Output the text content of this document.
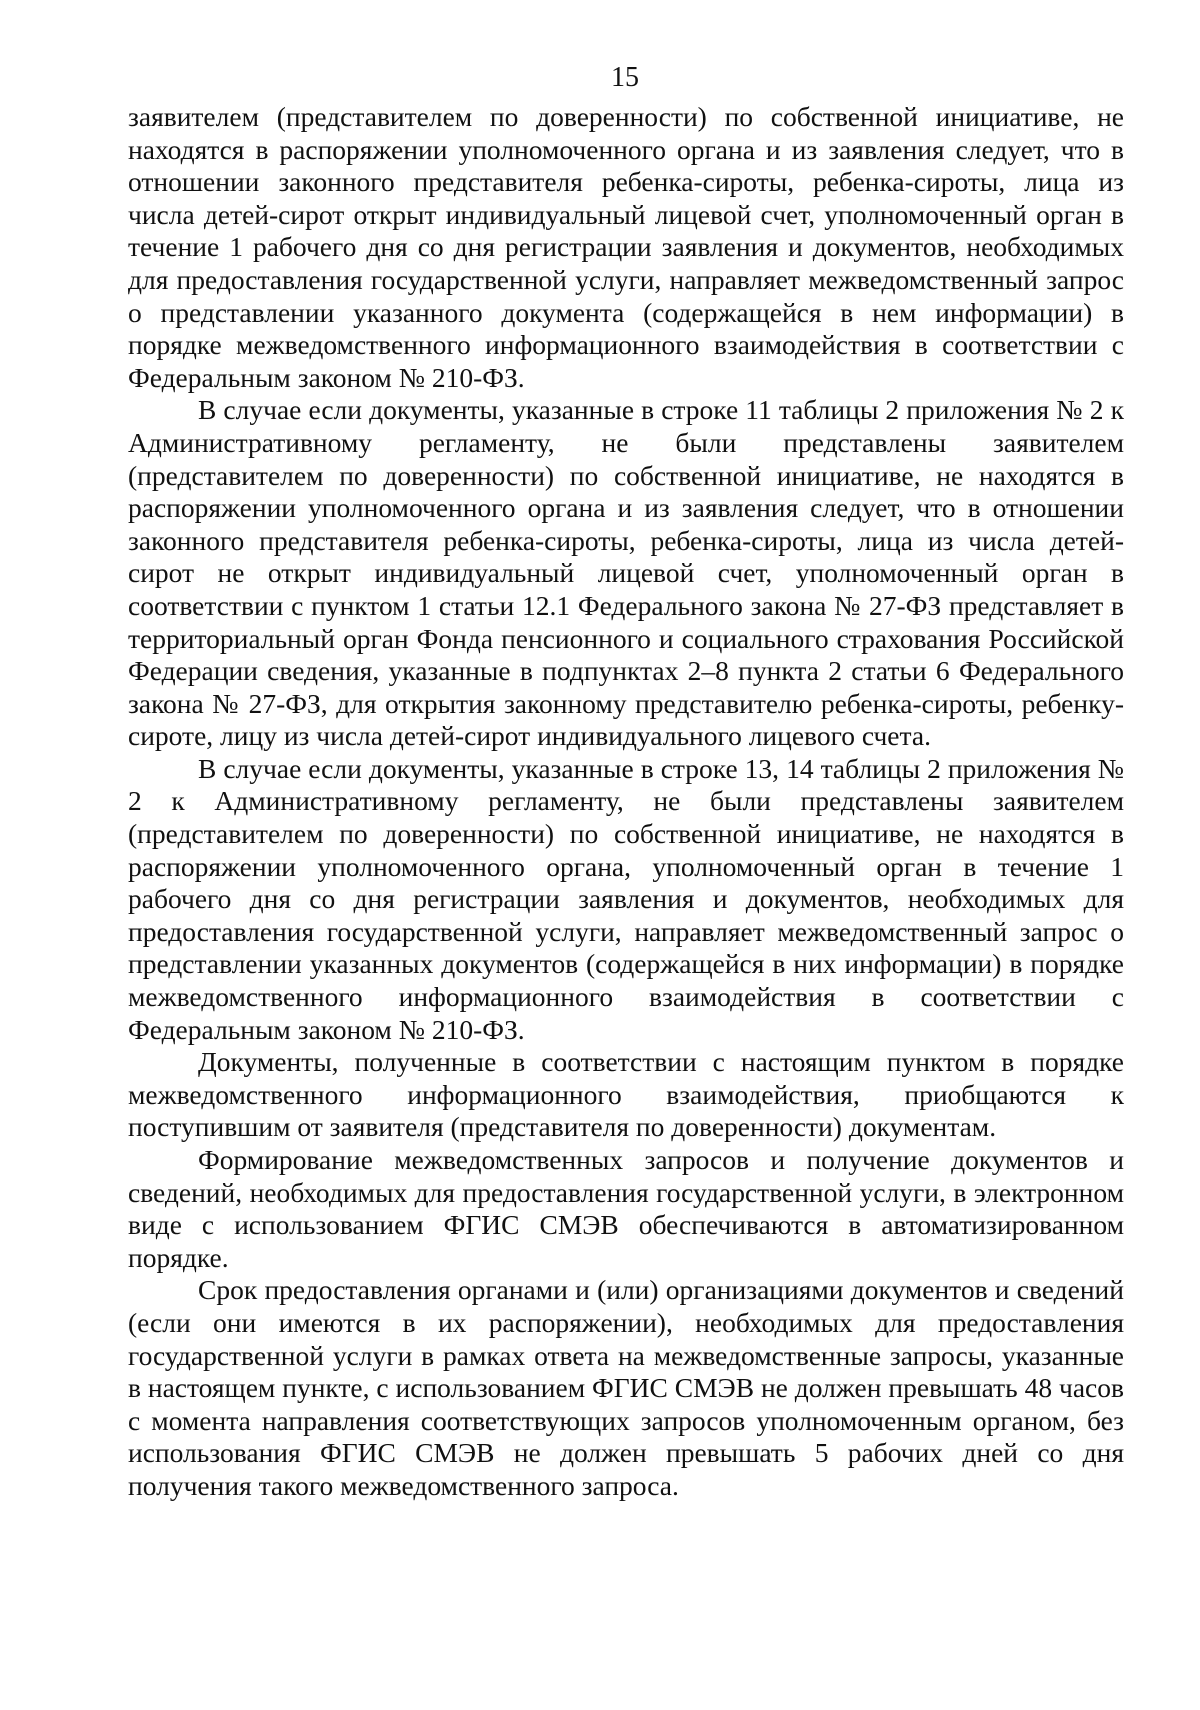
15

заявителем (представителем по доверенности) по собственной инициативе, не находятся в распоряжении уполномоченного органа и из заявления следует, что в отношении законного представителя ребенка-сироты, ребенка-сироты, лица из числа детей-сирот открыт индивидуальный лицевой счет, уполномоченный орган в течение 1 рабочего дня со дня регистрации заявления и документов, необходимых для предоставления государственной услуги, направляет межведомственный запрос о представлении указанного документа (содержащейся в нем информации) в порядке межведомственного информационного взаимодействия в соответствии с Федеральным законом № 210-ФЗ.

В случае если документы, указанные в строке 11 таблицы 2 приложения № 2 к Административному регламенту, не были представлены заявителем (представителем по доверенности) по собственной инициативе, не находятся в распоряжении уполномоченного органа и из заявления следует, что в отношении законного представителя ребенка-сироты, ребенка-сироты, лица из числа детей-сирот не открыт индивидуальный лицевой счет, уполномоченный орган в соответствии с пунктом 1 статьи 12.1 Федерального закона № 27-ФЗ представляет в территориальный орган Фонда пенсионного и социального страхования Российской Федерации сведения, указанные в подпунктах 2–8 пункта 2 статьи 6 Федерального закона № 27-ФЗ, для открытия законному представителю ребенка-сироты, ребенку-сироте, лицу из числа детей-сирот индивидуального лицевого счета.

В случае если документы, указанные в строке 13, 14 таблицы 2 приложения № 2 к Административному регламенту, не были представлены заявителем (представителем по доверенности) по собственной инициативе, не находятся в распоряжении уполномоченного органа, уполномоченный орган в течение 1 рабочего дня со дня регистрации заявления и документов, необходимых для предоставления государственной услуги, направляет межведомственный запрос о представлении указанных документов (содержащейся в них информации) в порядке межведомственного информационного взаимодействия в соответствии с Федеральным законом № 210-ФЗ.

Документы, полученные в соответствии с настоящим пунктом в порядке межведомственного информационного взаимодействия, приобщаются к поступившим от заявителя (представителя по доверенности) документам.

Формирование межведомственных запросов и получение документов и сведений, необходимых для предоставления государственной услуги, в электронном виде с использованием ФГИС СМЭВ обеспечиваются в автоматизированном порядке.

Срок предоставления органами и (или) организациями документов и сведений (если они имеются в их распоряжении), необходимых для предоставления государственной услуги в рамках ответа на межведомственные запросы, указанные в настоящем пункте, с использованием ФГИС СМЭВ не должен превышать 48 часов с момента направления соответствующих запросов уполномоченным органом, без использования ФГИС СМЭВ не должен превышать 5 рабочих дней со дня получения такого межведомственного запроса.
